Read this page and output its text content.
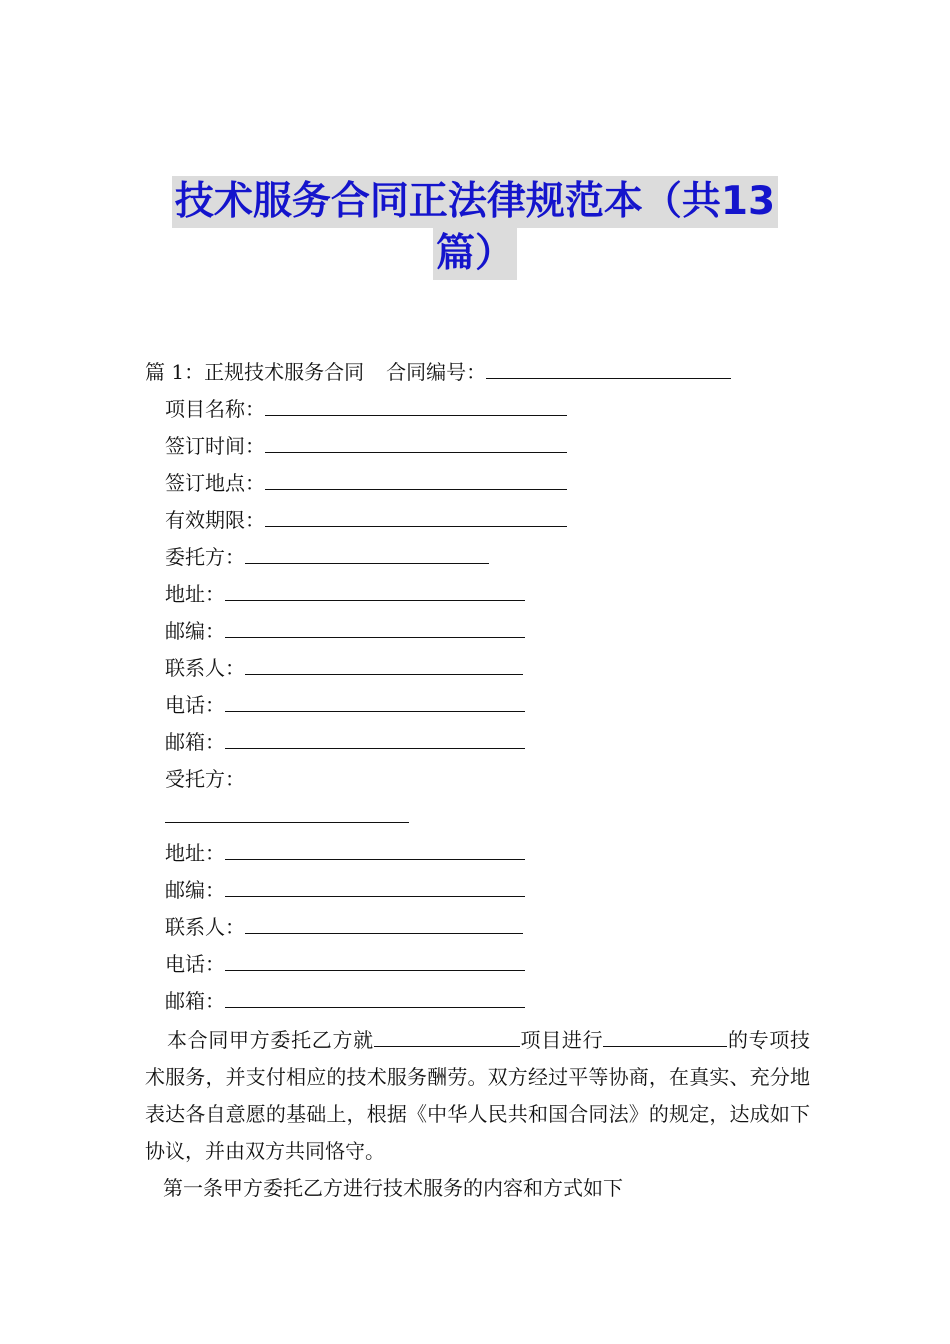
技术服务合同正法律规范本（共13
篇）
篇 1：正规技术服务合同 合同编号：
项目名称：
签订时间：
签订地点：
有效期限：
委托方：
地址：
邮编：
联系人：
电话：
邮箱：
受托方：
地址：
邮编：
联系人：
电话：
邮箱：
本合同甲方委托乙方就	项目进行	的专项技术服务，并支付相应的技术服务酬劳。双方经过平等协商，在真实、充分地表达各自意愿的基础上，根据《中华人民共和国合同法》的规定，达成如下协议，并由双方共同恪守。
第一条甲方委托乙方进行技术服务的内容和方式如下
